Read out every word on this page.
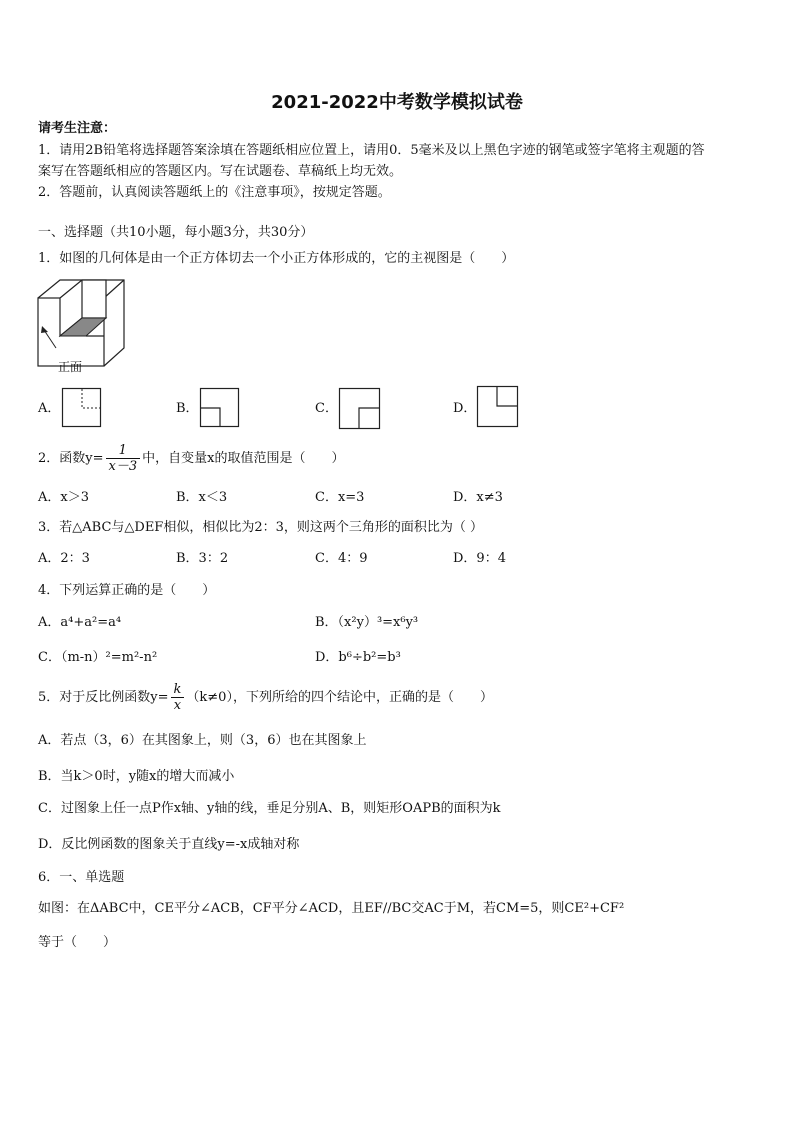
2021-2022中考数学模拟试卷
请考生注意：
1．请用2B铅笔将选择题答案涂填在答题纸相应位置上，请用0．5毫米及以上黑色字迹的钢笔或签字笔将主观题的答
案写在答题纸相应的答题区内。写在试题卷、草稿纸上均无效。
2．答题前，认真阅读答题纸上的《注意事项》，按规定答题。
一、选择题（共10小题，每小题3分，共30分）
1．如图的几何体是由一个正方体切去一个小正方体形成的，它的主视图是（　　）
正面
A．	B．	C．	D．
2．函数$y= \frac{1}{x-3}$ 中，自变量x的取值范围是（　　）
A．x＞3	B．x＜3	C．x=3	D．x≠3
3．若△ABC与△DEF相似，相似比为2：3，则这两个三角形的面积比为（ ）
A．2：3	B．3：2	C．4：9	D．9：4
4．下列运算正确的是（　　）
A．a⁴+a²=a⁴	B．（x²y）³=x⁶y³
C．（m-n）²=m²-n²	D．b⁶÷b²=b³
5．对于反比例函数$y= \frac{k}{x} (k\ne 0)$，下列所给的四个结论中，正确的是（　　）
A．若点（3，6）在其图象上，则（3，6）也在其图象上
B．当k＞0时，y随x的增大而减小
C．过图象上任一点P作x轴、y轴的线，垂足分别A、B，则矩形OAPB的面积为k
D．反比例函数的图象关于直线y=-x成轴对称
6．一、单选题
如图：在ΔABC中，CE平分∠ACB，CF平分∠ACD，且EF//BC交AC于M，若CM=5，则CE²+CF²
等于（　　）
